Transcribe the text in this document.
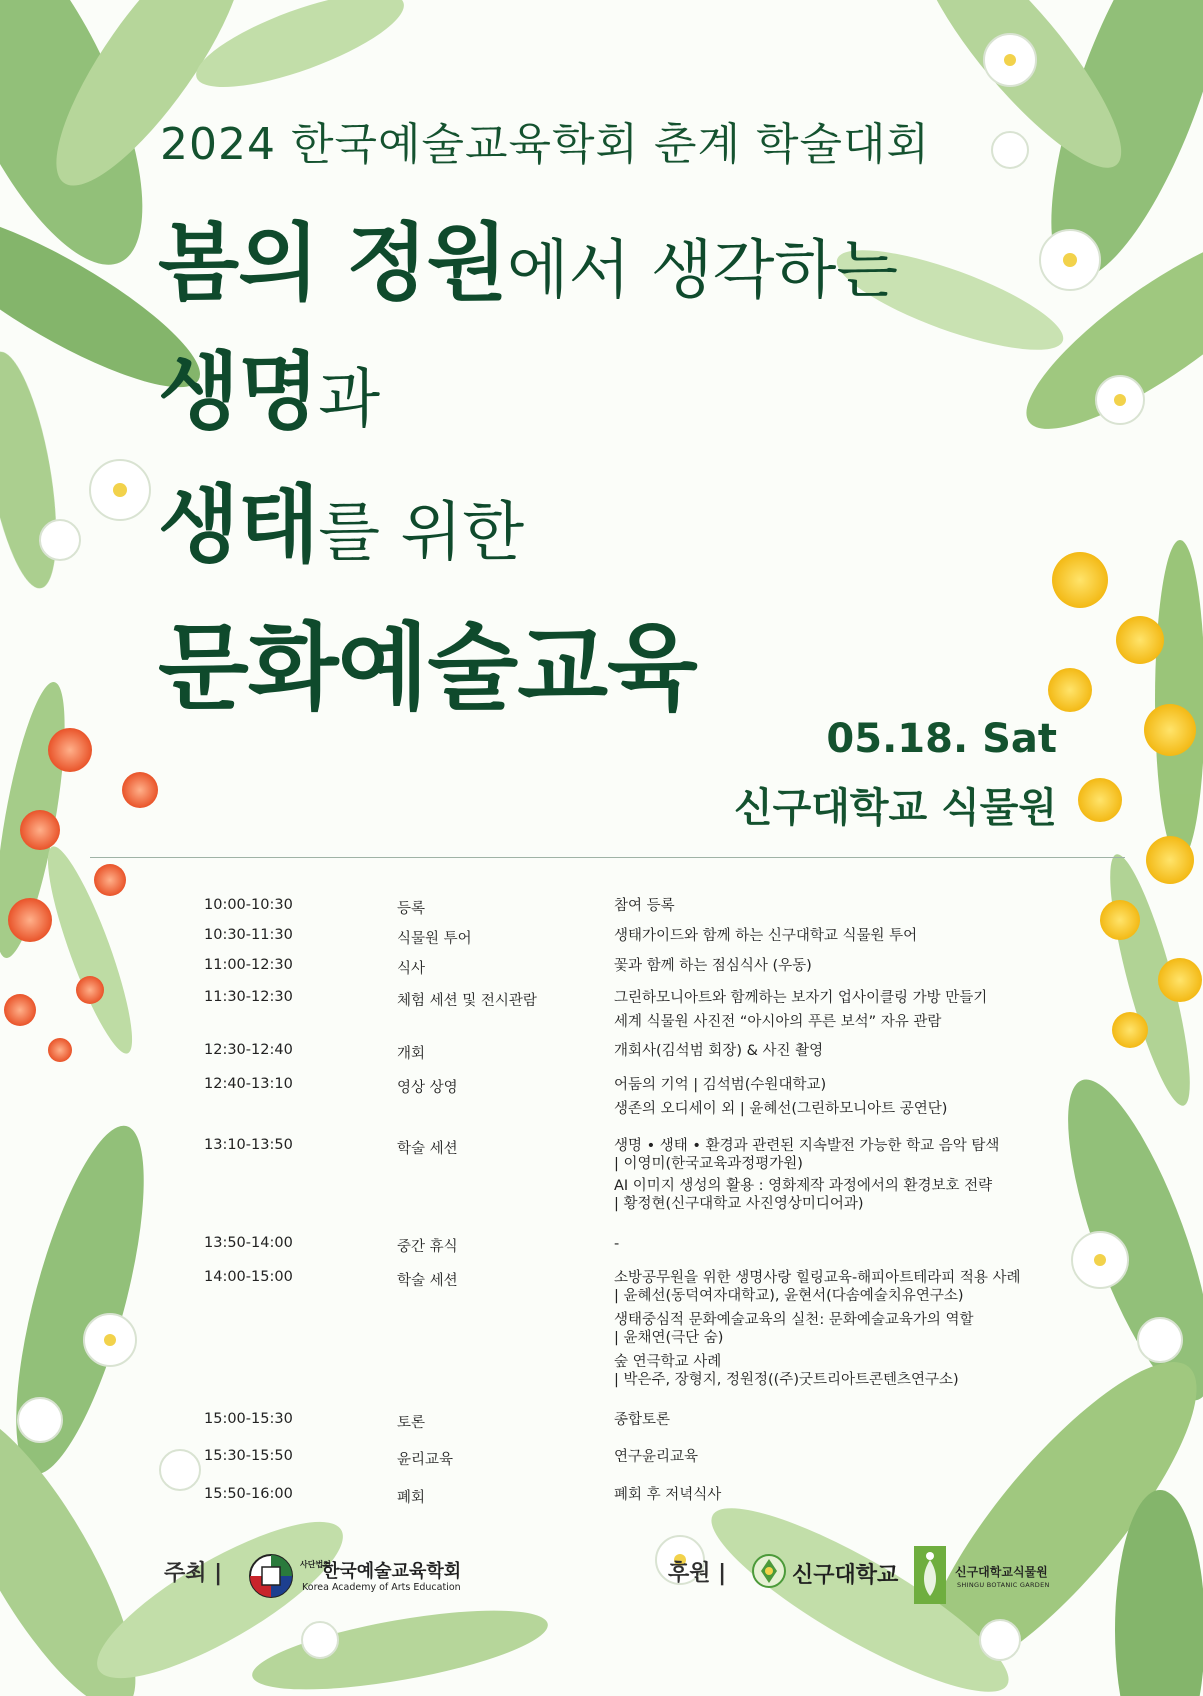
2024 한국예술교육학회 춘계 학술대회
봄의 정원에서 생각하는
생명과
생태를 위한
문화예술교육
05.18. Sat
신구대학교 식물원
10:00-10:30	등록	참여 등록
10:30-11:30	식물원 투어	생태가이드와 함께 하는 신구대학교 식물원 투어
11:00-12:30	식사	꽃과 함께 하는 점심식사 (우동)
11:30-12:30	체험 세션 및 전시관람	그린하모니아트와 함께하는 보자기 업사이클링 가방 만들기
세계 식물원 사진전 “아시아의 푸른 보석” 자유 관람
12:30-12:40	개회	개회사(김석범 회장) & 사진 촬영
12:40-13:10	영상 상영	어둠의 기억 | 김석범(수원대학교)
생존의 오디세이 외 | 윤혜선(그린하모니아트 공연단)
13:10-13:50	학술 세션	생명 • 생태 • 환경과 관련된 지속발전 가능한 학교 음악 탐색
| 이영미(한국교육과정평가원)
AI 이미지 생성의 활용 : 영화제작 과정에서의 환경보호 전략
| 황정현(신구대학교 사진영상미디어과)
13:50-14:00	중간 휴식	-
14:00-15:00	학술 세션	소방공무원을 위한 생명사랑 힐링교육-해피아트테라피 적용 사례
| 윤혜선(동덕여자대학교), 윤현서(다솜예술치유연구소)
생태중심적 문화예술교육의 실천: 문화예술교육가의 역할
| 윤채연(극단 숨)
숲 연극학교 사례
| 박은주, 장형지, 정원정((주)굿트리아트콘텐츠연구소)
15:00-15:30	토론	종합토론
15:30-15:50	윤리교육	연구윤리교육
15:50-16:00	폐회	폐회 후 저녁식사
주최 |	사단법인
한국예술교육학회
Korea Academy of Arts Education
후원 |	신구대학교	신구대학교식물원
SHINGU BOTANIC GARDEN
